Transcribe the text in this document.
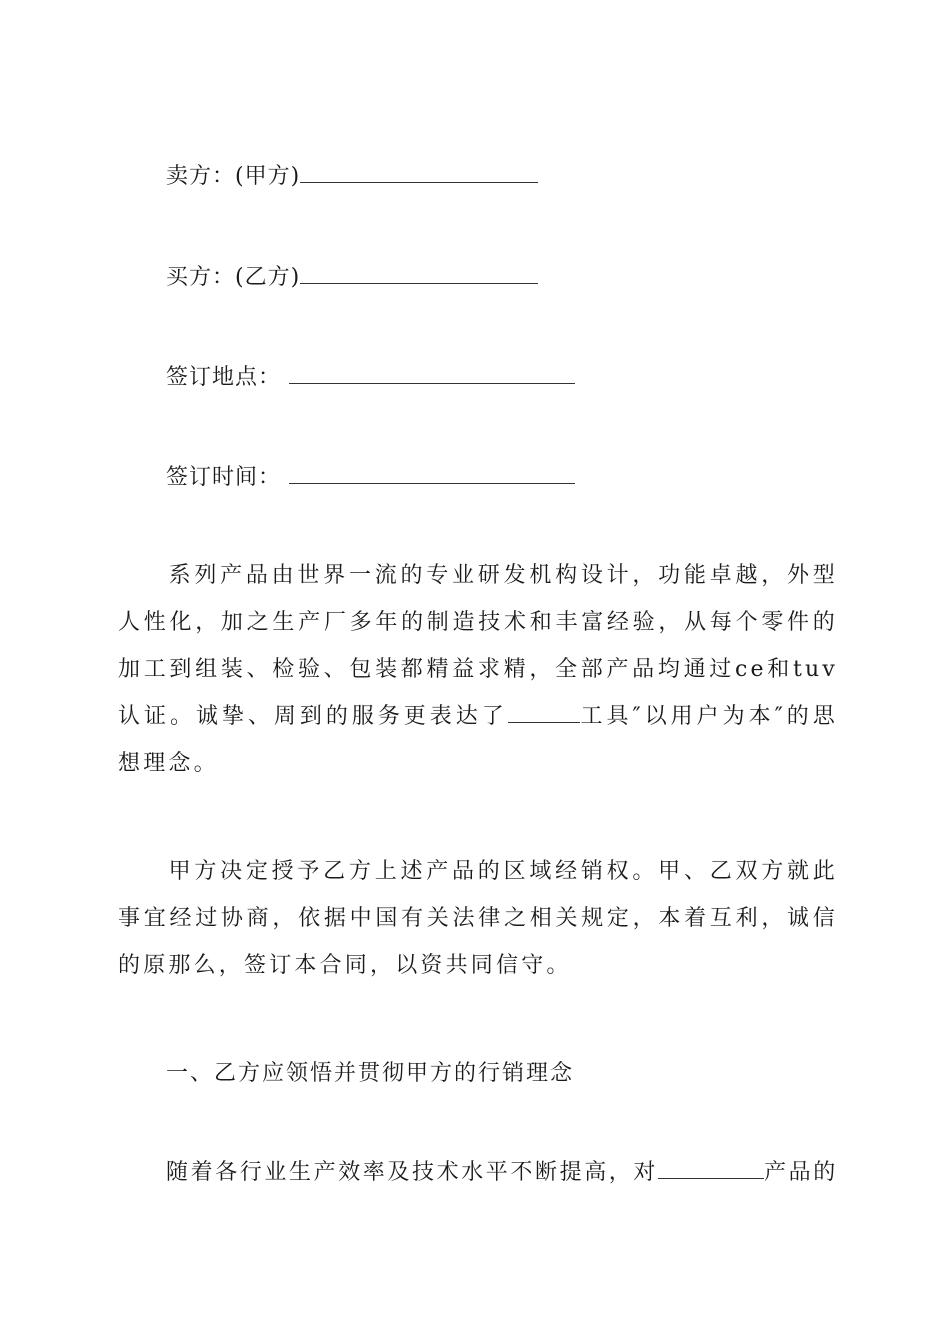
卖方：(甲方)
买方：(乙方)
签订地点：
签订时间：
系列产品由世界一流的专业研发机构设计，功能卓越，外型人性化，加之生产厂多年的制造技术和丰富经验，从每个零件的加工到组装、检验、包装都精益求精，全部产品均通过ce和tuv认证。诚挚、周到的服务更表达了	工具″以用户为本″的思想理念。
甲方决定授予乙方上述产品的区域经销权。甲、乙双方就此事宜经过协商，依据中国有关法律之相关规定，本着互利，诚信的原那么，签订本合同，以资共同信守。
一、乙方应领悟并贯彻甲方的行销理念
随着各行业生产效率及技术水平不断提高，对	产品的
